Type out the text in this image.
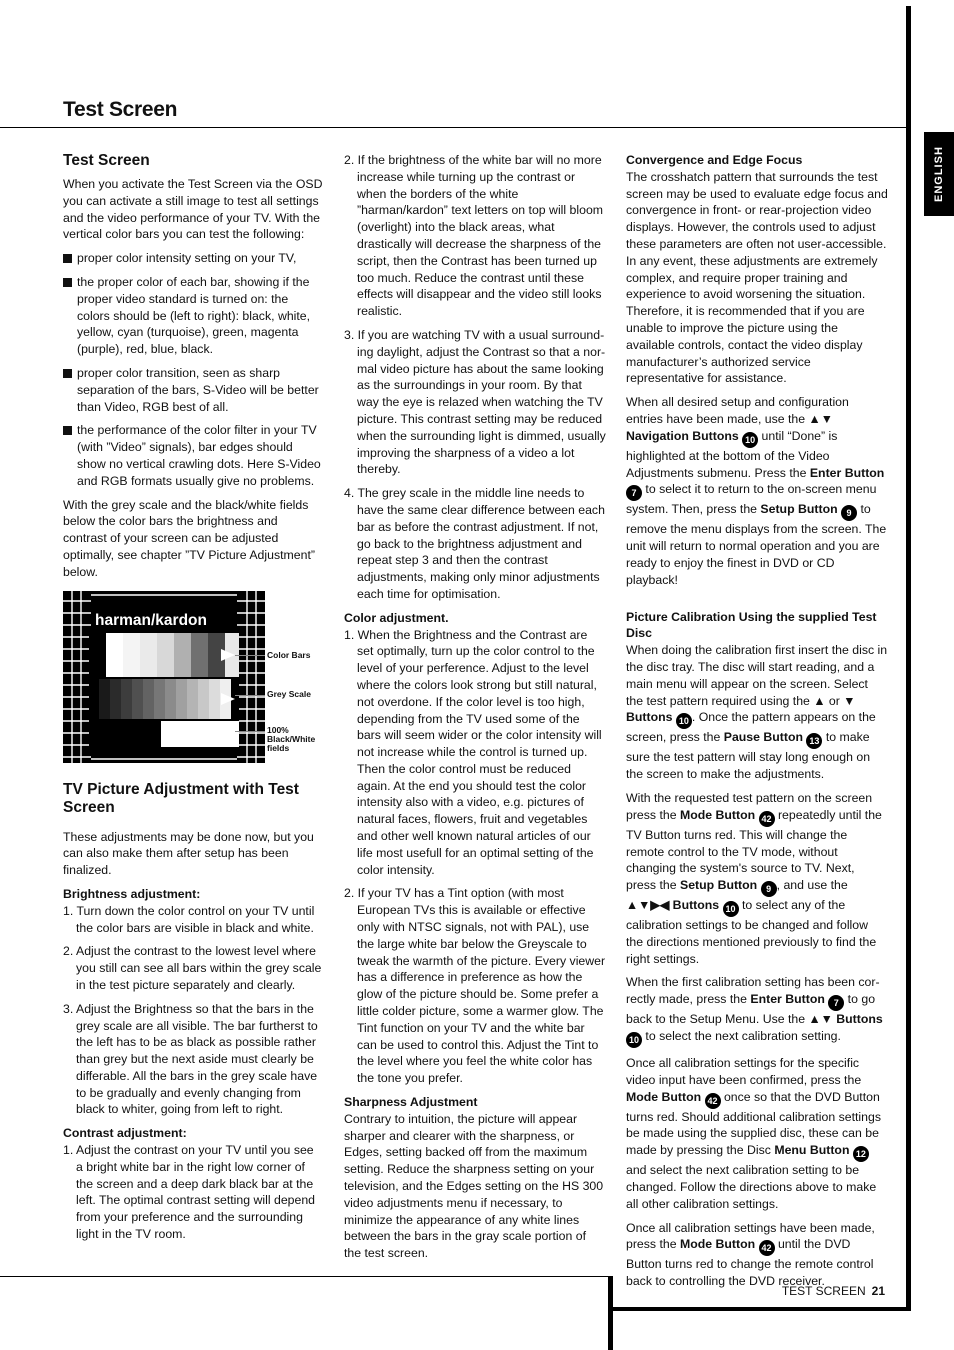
Test Screen
ENGLISH
Test Screen

When you activate the Test Screen via the OSD you can activate a still image to test all settings and the video performance of your TV. With the vertical color bars you can test the following:

proper color intensity setting on your TV,
the proper color of each bar, showing if the proper video standard is turned on: the colors should be (left to right): black, white, yellow, cyan (turquoise), green, magenta (purple), red, blue, black.
proper color transition, seen as sharp separation of the bars, S-Video will be better than Video, RGB best of all.
the performance of the color filter in your TV (with ”Video” signals), bar edges should show no vertical crawling dots. Here S-Video and RGB formats usually give no problems.

With the grey scale and the black/white fields below the color bars the brightness and contrast of your screen can be adjusted optimally, see chapter ”TV Picture Adjustment” below.

harman/kardon
Color Bars
Grey Scale
100%
Black/White
fields
TV Picture Adjustment with Test Screen

These adjustments may be done now, but you can also make them after setup has been finalized.

Brightness adjustment:
1. Turn down the color control on your TV until the color bars are visible in black and white.
2. Adjust the contrast to the lowest level where you still can see all bars within the grey scale in the test picture separately and clearly.
3. Adjust the Brightness so that the bars in the grey scale are all visible. The bar furtherst to the left has to be as black as possible rather than grey but the next aside must clearly be differable. All the bars in the grey scale have to be gradually and evenly changing from black to whiter, going from left to right.
Contrast adjustment:
1. Adjust the contrast on your TV until you see a bright white bar in the right low corner of the screen and a deep dark black bar at the left. The optimal contrast setting will depend from your preference and the surrounding light in the TV room.
2. If the brightness of the white bar will no more increase while turning up the contrast or when the borders of the white ”harman/kardon” text letters on top will bloom (overlight) into the black areas, what drastically will decrease the sharpness of the script, then the Contrast has been turned up too much. Reduce the contrast until these effects will disappear and the video still looks realistic.
3. If you are watching TV with a usual surround-ing daylight, adjust the Contrast so that a nor-mal video picture has about the same looking as the surroundings in your room. By that way the eye is relazed when watching the TV picture. This contrast setting may be reduced when the surrounding light is dimmed, usually improving the sharpness of a video a lot thereby.
4. The grey scale in the middle line needs to have the same clear difference between each bar as before the contrast adjustment. If not, go back to the brightness adjustment and repeat step 3 and then the contrast adjustments, making only minor adjustments each time for optimisation.
Color adjustment.
1. When the Brightness and the Contrast are set optimally, turn up the color control to the level of your perference. Adjust to the level where the colors look strong but still natural, not overdone. If the color level is too high, depending from the TV used some of the bars will seem wider or the color intensity will not increase while the control is turned up. Then the color control must be reduced again. At the end you should test the color intensity also with a video, e.g. pictures of natural faces, flowers, fruit and vegetables and other well known natural articles of our life most usefull for an optimal setting of the color intensity.
2. If your TV has a Tint option (with most European TVs this is available or effective only with NTSC signals, not with PAL), use the large white bar below the Greyscale to tweak the warmth of the picture. Every viewer has a difference in preference as how the glow of the picture should be. Some prefer a little colder picture, some a warmer glow. The Tint function on your TV and the white bar can be used to control this. Adjust the Tint to the level where you feel the white color has the tone you prefer.
Sharpness Adjustment

Contrary to intuition, the picture will appear sharper and clearer with the sharpness, or Edges, setting backed off from the maximum setting. Reduce the sharpness setting on your television, and the Edges setting on the HS 300 video adjustments menu if necessary, to minimize the appearance of any white lines between the bars in the gray scale portion of the test screen.

Convergence and Edge Focus

The crosshatch pattern that surrounds the test screen may be used to evaluate edge focus and convergence in front- or rear-projection video displays. However, the controls used to adjust these parameters are often not user-accessible. In any event, these adjustments are extremely complex, and require proper training and experience to avoid worsening the situation. Therefore, it is recommended that if you are unable to improve the picture using the available controls, contact the video display manufacturer’s authorized service representative for assistance.

When all desired setup and configuration entries have been made, use the ▲▼ Navigation Buttons 10 until “Done” is highlighted at the bottom of the Video Adjustments submenu. Press the Enter Button 7 to select it to return to the on-screen menu system. Then, press the Setup Button 9 to remove the menu displays from the screen. The unit will return to normal operation and you are ready to enjoy the finest in DVD or CD playback!

Picture Calibration Using the supplied Test Disc

When doing the calibration first insert the disc in the disc tray. The disc will start reading, and a main menu will appear on the screen. Select the test pattern required using the ▲ or ▼ Buttons 10 . Once the pattern appears on the screen, press the Pause Button 13 to make sure the test pattern will stay long enough on the screen to make the adjustments.

With the requested test pattern on the screen press the Mode Button 42 repeatedly until the TV Button turns red. This will change the remote control to the TV mode, without changing the system's source to TV. Next, press the Setup Button 9 , and use the ▲▼▶◀ Buttons 10 to select any of the calibration settings to be changed and follow the directions mentioned previously to find the right settings.

When the first calibration setting has been cor-rectly made, press the Enter Button 7 to go back to the Setup Menu. Use the ▲▼ Buttons 10 to select the next calibration setting.

Once all calibration settings for the specific video input have been confirmed, press the Mode Button 42 once so that the DVD Button turns red. Should additional calibration settings be made using the supplied disc, these can be made by pressing the Disc Menu Button 12 and select the next calibration setting to be changed. Follow the directions above to make all other calibration settings.

Once all calibration settings have been made, press the Mode Button 42 until the DVD Button turns red to change the remote control back to controlling the DVD receiver.

TEST SCREEN 21
